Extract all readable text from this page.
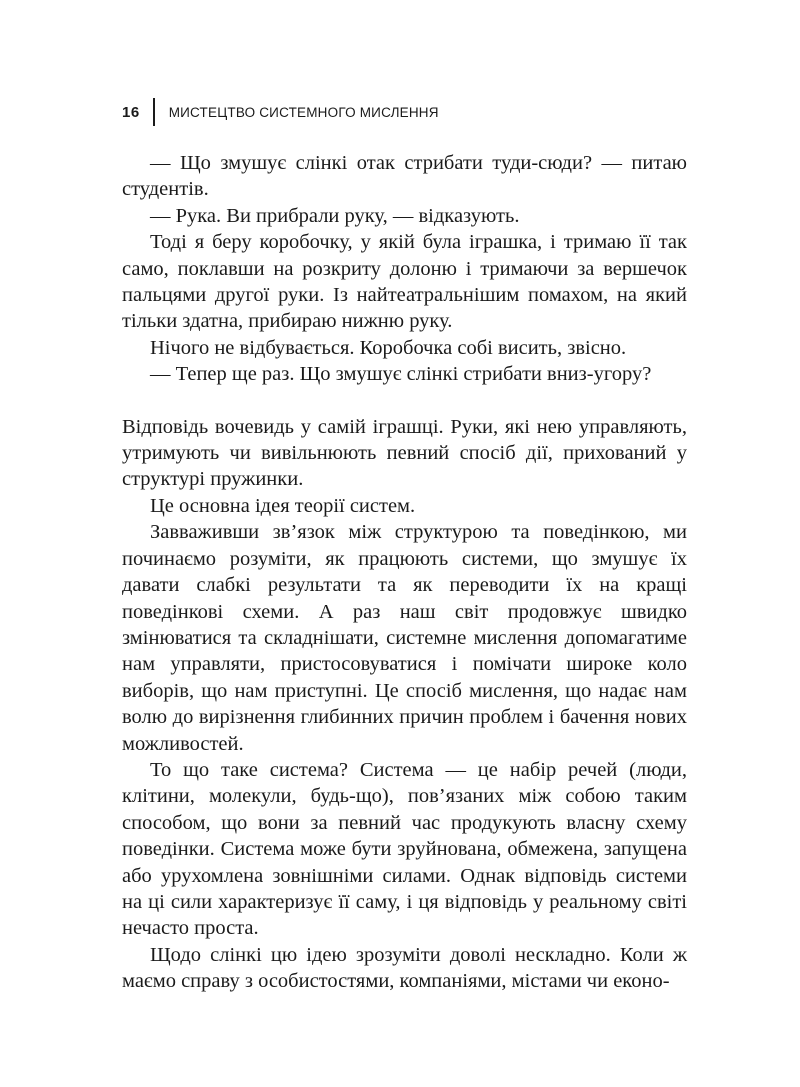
16 МИСТЕЦТВО СИСТЕМНОГО МИСЛЕННЯ

— Що змушує слінкі отак стрибати туди-сюди? — питаю студентів.

— Рука. Ви прибрали руку, — відказують.

Тоді я беру коробочку, у якій була іграшка, і тримаю її так само, поклавши на розкриту долоню і тримаючи за вершечок пальцями другої руки. Із найтеатральнішим помахом, на який тільки здатна, прибираю нижню руку.

Нічого не відбувається. Коробочка собі висить, звісно.

— Тепер ще раз. Що змушує слінкі стрибати вниз-угору?

Відповідь вочевидь у самій іграшці. Руки, які нею управляють, утримують чи вивільнюють певний спосіб дії, прихований у структурі пружинки.

Це основна ідея теорії систем.

Завваживши зв’язок між структурою та поведінкою, ми починаємо розуміти, як працюють системи, що змушує їх давати слабкі результати та як переводити їх на кращі поведінкові схеми. А раз наш світ продовжує швидко змінюватися та складнішати, системне мислення допомагатиме нам управляти, пристосовуватися і помічати широке коло виборів, що нам приступні. Це спосіб мислення, що надає нам волю до вирізнення глибинних причин проблем і бачення нових можливостей.

То що таке система? Система — це набір речей (люди, клітини, молекули, будь-що), пов’язаних між собою таким способом, що вони за певний час продукують власну схему поведінки. Система може бути зруйнована, обмежена, запущена або урухомлена зовнішніми силами. Однак відповідь системи на ці сили характеризує її саму, і ця відповідь у реальному світі нечасто проста.

Щодо слінкі цю ідею зрозуміти доволі нескладно. Коли ж маємо справу з особистостями, компаніями, містами чи еконо-
